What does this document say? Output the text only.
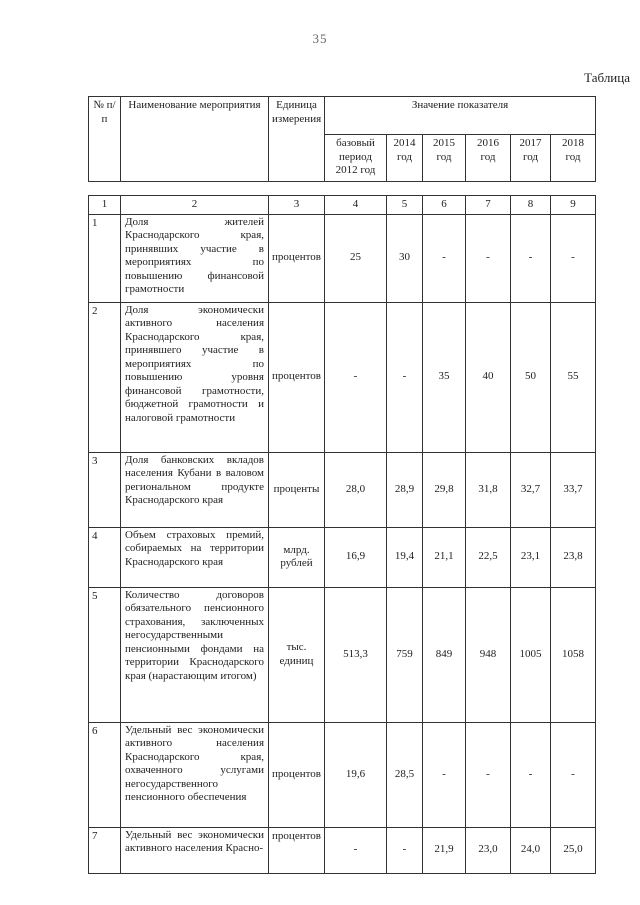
35
Таблица
№ п/п	Наименование мероприятия	Единица измерения	Значение показателя					
			базовый период 2012 год	2014 год	2015 год	2016 год	2017 год	2018 год
1	2	3	4	5	6	7	8	9
1	Доля жителей Краснодарского края, принявших участие в мероприятиях по повышению финансовой грамотности	процентов	25	30	-	-	-	-
2	Доля экономически активного населения Краснодарского края, принявшего участие в мероприятиях по повышению уровня финансовой грамотности, бюджетной грамотности и налоговой грамотности	процентов	-	-	35	40	50	55
3	Доля банковских вкладов населения Кубани в валовом региональном продукте Краснодарского края	проценты	28,0	28,9	29,8	31,8	32,7	33,7
4	Объем страховых премий, собираемых на территории Краснодарского края	млрд. рублей	16,9	19,4	21,1	22,5	23,1	23,8
5	Количество договоров обязательного пенсионного страхования, заключенных негосударственными пенсионными фондами на территории Краснодарского края (нарастающим итогом)	тыс. единиц	513,3	759	849	948	1005	1058
6	Удельный вес экономически активного населения Краснодарского края, охваченного услугами негосударственного пенсионного обеспечения	процентов	19,6	28,5	-	-	-	-
7	Удельный вес экономически активного населения Красно-	процентов	-	-	21,9	23,0	24,0	25,0
